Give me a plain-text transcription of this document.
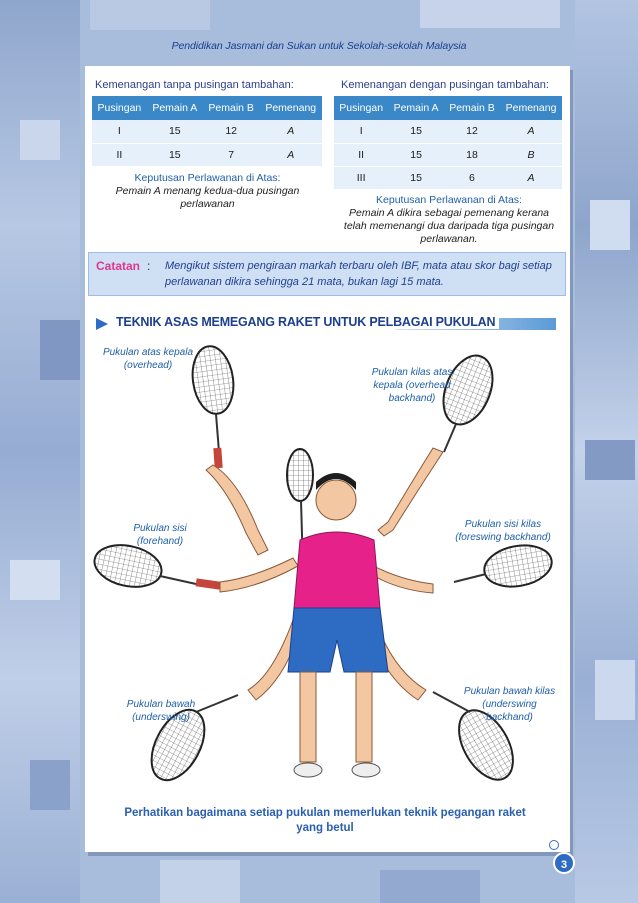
Pendidikan Jasmani dan Sukan untuk Sekolah-sekolah Malaysia
Kemenangan tanpa pusingan tambahan:
Pusingan	Pemain A	Pemain B	Pemenang
I	15	12	A
II	15	7	A
Keputusan Perlawanan di Atas:
Pemain A menang kedua-dua pusingan perlawanan
Kemenangan dengan pusingan tambahan:
Pusingan	Pemain A	Pemain B	Pemenang
I	15	12	A
II	15	18	B
III	15	6	A
Keputusan Perlawanan di Atas:
Pemain A dikira sebagai pemenang kerana telah memenangi dua daripada tiga pusingan perlawanan.
Catatan : Mengikut sistem pengiraan markah terbaru oleh IBF, mata atau skor bagi setiap perlawanan dikira sehingga 21 mata, bukan lagi 15 mata.
TEKNIK ASAS MEMEGANG RAKET UNTUK PELBAGAI PUKULAN
Pukulan atas kepala (overhead)
Pukulan kilas atas kepala (overhead backhand)
Pukulan sisi (forehand)
Pukulan sisi kilas (foreswing backhand)
Pukulan bawah (underswing)
Pukulan bawah kilas (underswing backhand)
Perhatikan bagaimana setiap pukulan memerlukan teknik pegangan raket yang betul
3
